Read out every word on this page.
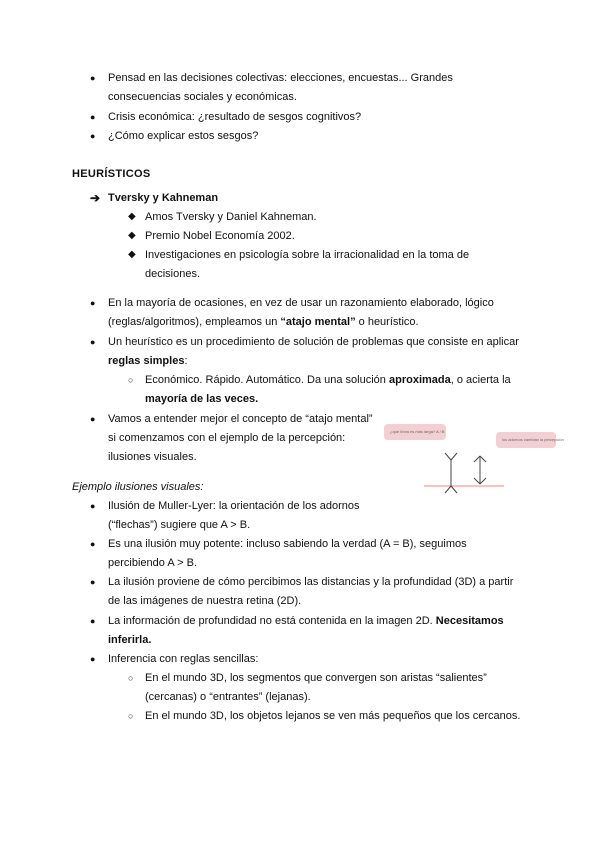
● Pensad en las decisiones colectivas: elecciones, encuestas... Grandes
consecuencias sociales y económicas.
● Crisis económica: ¿resultado de sesgos cognitivos?
● ¿Cómo explicar estos sesgos?
HEURÍSTICOS
➔ Tversky y Kahneman
◆ Amos Tversky y Daniel Kahneman.
◆ Premio Nobel Economía 2002.
◆ Investigaciones en psicología sobre la irracionalidad en la toma de
decisiones.
● En la mayoría de ocasiones, en vez de usar un razonamiento elaborado, lógico
(reglas/algoritmos), empleamos un “atajo mental” o heurístico.
● Un heurístico es un procedimiento de solución de problemas que consiste en aplicar
reglas simples:
○ Económico. Rápido. Automático. Da una solución aproximada, o acierta la
mayoría de las veces.
● Vamos a entender mejor el concepto de “atajo mental”
si comenzamos con el ejemplo de la percepción:
ilusiones visuales.
¿qué línea es más larga? A / B
los adornos cambian la percepción
Ejemplo ilusiones visuales:
● Ilusión de Muller-Lyer: la orientación de los adornos
(“flechas”) sugiere que A > B.
● Es una ilusión muy potente: incluso sabiendo la verdad (A = B), seguimos
percibiendo A > B.
● La ilusión proviene de cómo percibimos las distancias y la profundidad (3D) a partir
de las imágenes de nuestra retina (2D).
● La información de profundidad no está contenida en la imagen 2D. Necesitamos
inferirla.
● Inferencia con reglas sencillas:
○ En el mundo 3D, los segmentos que convergen son aristas “salientes”
(cercanas) o “entrantes” (lejanas).
○ En el mundo 3D, los objetos lejanos se ven más pequeños que los cercanos.
